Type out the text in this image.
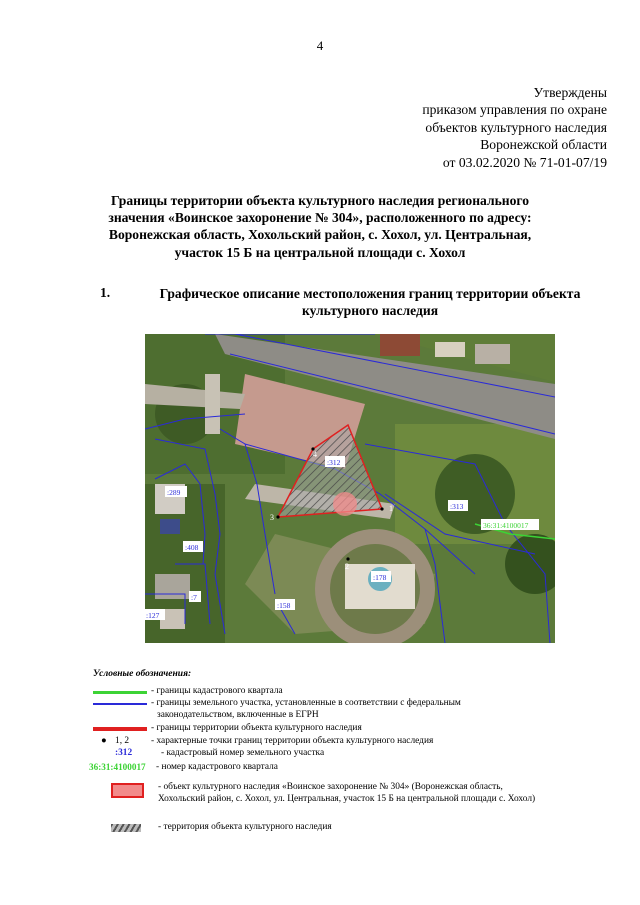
4
Утверждены
приказом управления по охране
объектов культурного наследия
Воронежской области
от 03.02.2020 № 71-01-07/19
Границы территории объекта культурного наследия регионального
значения «Воинское захоронение № 304», расположенного по адресу:
Воронежская область, Хохольский район, с. Хохол, ул. Центральная,
участок 15 Б на центральной площади с. Хохол
1.	Графическое описание местоположения границ территории объекта
культурного наследия
1
2
3
4
:312
:313
:289
:408
:178
:7
:127
:158
36:31:4100017
Условные обозначения:
- границы кадастрового квартала
- границы земельного участка, установленные в соответствии с федеральным
законодательством, включенные в ЕГРН
- границы территории объекта культурного наследия
● 1, 2 - характерные точки границ территории объекта культурного наследия
:312	- кадастровый номер земельного участка
36:31:4100017 - номер кадастрового квартала
- объект культурного наследия «Воинское захоронение № 304» (Воронежская область,
Хохольский район, с. Хохол, ул. Центральная, участок 15 Б на центральной площади с. Хохол)
- территория объекта культурного наследия
